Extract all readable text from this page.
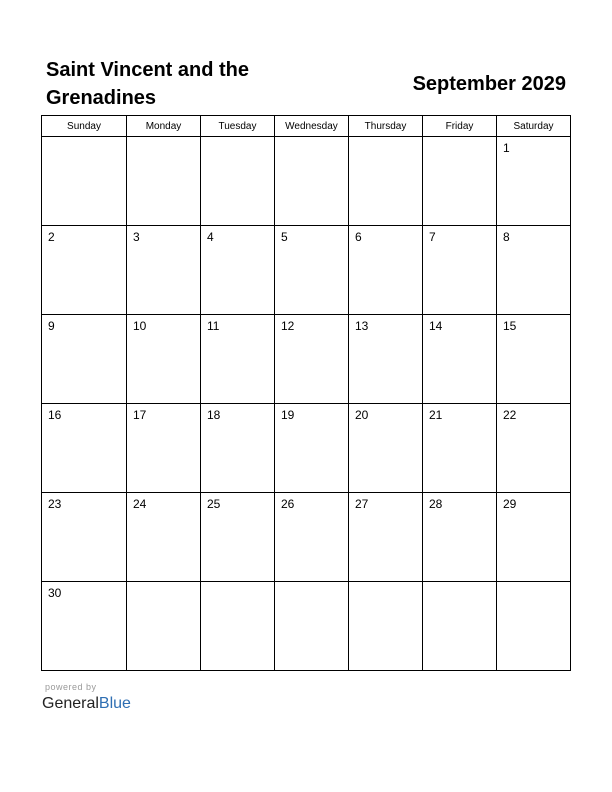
Saint Vincent and the Grenadines
September 2029
Sunday	Monday	Tuesday	Wednesday	Thursday	Friday	Saturday

						1

2	3	4	5	6	7	8

9	10	11	12	13	14	15

16	17	18	19	20	21	22

23	24	25	26	27	28	29

30						

powered by
GeneralBlue
